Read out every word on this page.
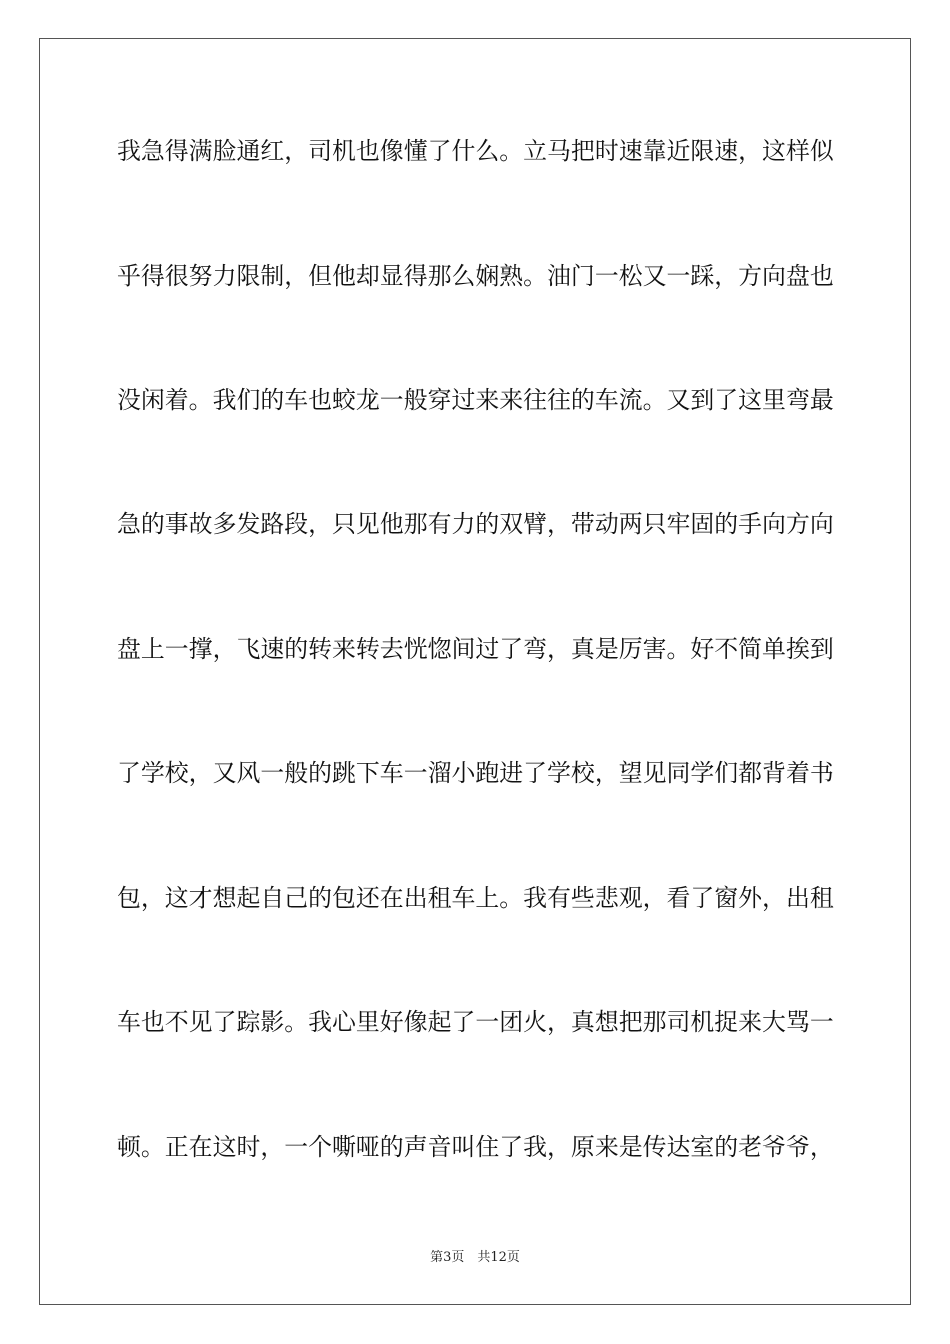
我急得满脸通红，司机也像懂了什么。立马把时速靠近限速，这样似
乎得很努力限制，但他却显得那么娴熟。油门一松又一踩，方向盘也
没闲着。我们的车也蛟龙一般穿过来来往往的车流。又到了这里弯最
急的事故多发路段，只见他那有力的双臂，带动两只牢固的手向方向
盘上一撑，飞速的转来转去恍惚间过了弯，真是厉害。好不简单挨到
了学校，又风一般的跳下车一溜小跑进了学校，望见同学们都背着书
包，这才想起自己的包还在出租车上。我有些悲观，看了窗外，出租
车也不见了踪影。我心里好像起了一团火，真想把那司机捉来大骂一
顿。正在这时，一个嘶哑的声音叫住了我，原来是传达室的老爷爷，
第3页　共12页
